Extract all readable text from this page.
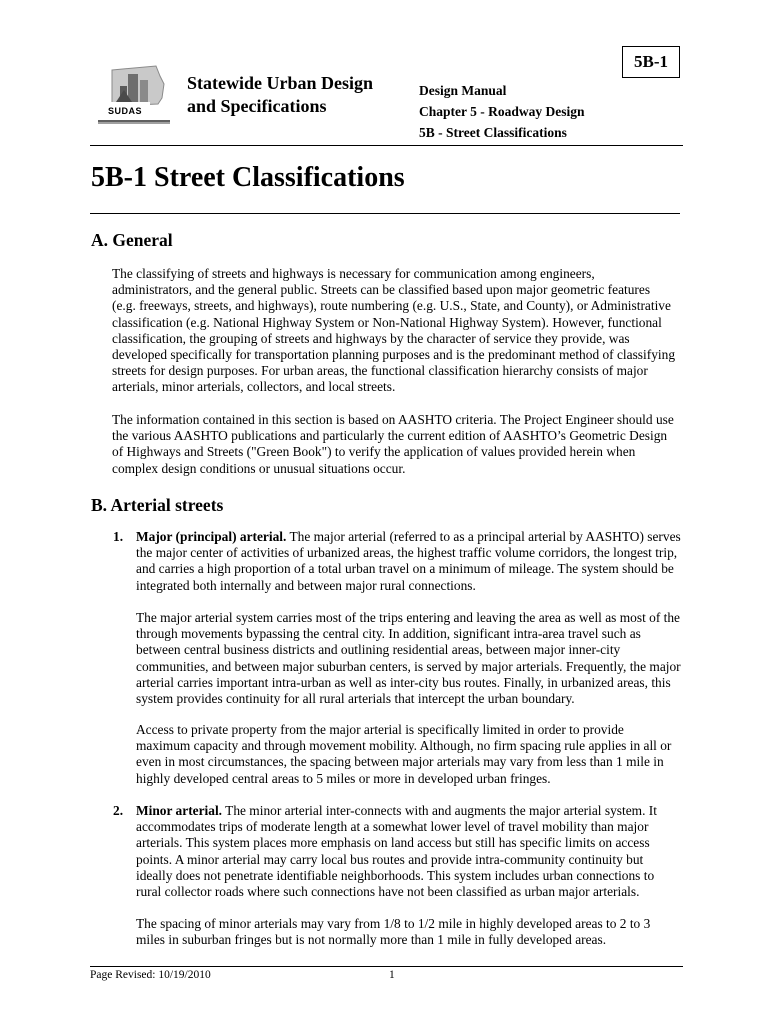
5B-1
SUDAS
Statewide Urban Design
and Specifications
Design Manual
Chapter 5 - Roadway Design
5B - Street Classifications
5B-1 Street Classifications
A. General
The classifying of streets and highways is necessary for communication among engineers, administrators, and the general public. Streets can be classified based upon major geometric features (e.g. freeways, streets, and highways), route numbering (e.g. U.S., State, and County), or Administrative classification (e.g. National Highway System or Non-National Highway System). However, functional classification, the grouping of streets and highways by the character of service they provide, was developed specifically for transportation planning purposes and is the predominant method of classifying streets for design purposes. For urban areas, the functional classification hierarchy consists of major arterials, minor arterials, collectors, and local streets.
The information contained in this section is based on AASHTO criteria. The Project Engineer should use the various AASHTO publications and particularly the current edition of AASHTO’s Geometric Design of Highways and Streets ("Green Book") to verify the application of values provided herein when complex design conditions or unusual situations occur.
B. Arterial streets
1. Major (principal) arterial. The major arterial (referred to as a principal arterial by AASHTO) serves the major center of activities of urbanized areas, the highest traffic volume corridors, the longest trip, and carries a high proportion of a total urban travel on a minimum of mileage. The system should be integrated both internally and between major rural connections.
The major arterial system carries most of the trips entering and leaving the area as well as most of the through movements bypassing the central city. In addition, significant intra-area travel such as between central business districts and outlining residential areas, between major inner-city communities, and between major suburban centers, is served by major arterials. Frequently, the major arterial carries important intra-urban as well as inter-city bus routes. Finally, in urbanized areas, this system provides continuity for all rural arterials that intercept the urban boundary.
Access to private property from the major arterial is specifically limited in order to provide maximum capacity and through movement mobility. Although, no firm spacing rule applies in all or even in most circumstances, the spacing between major arterials may vary from less than 1 mile in highly developed central areas to 5 miles or more in developed urban fringes.
2. Minor arterial. The minor arterial inter-connects with and augments the major arterial system. It accommodates trips of moderate length at a somewhat lower level of travel mobility than major arterials. This system places more emphasis on land access but still has specific limits on access points. A minor arterial may carry local bus routes and provide intra-community continuity but ideally does not penetrate identifiable neighborhoods. This system includes urban connections to rural collector roads where such connections have not been classified as urban major arterials.
The spacing of minor arterials may vary from 1/8 to 1/2 mile in highly developed areas to 2 to 3 miles in suburban fringes but is not normally more than 1 mile in fully developed areas.
Page Revised: 10/19/2010	1
